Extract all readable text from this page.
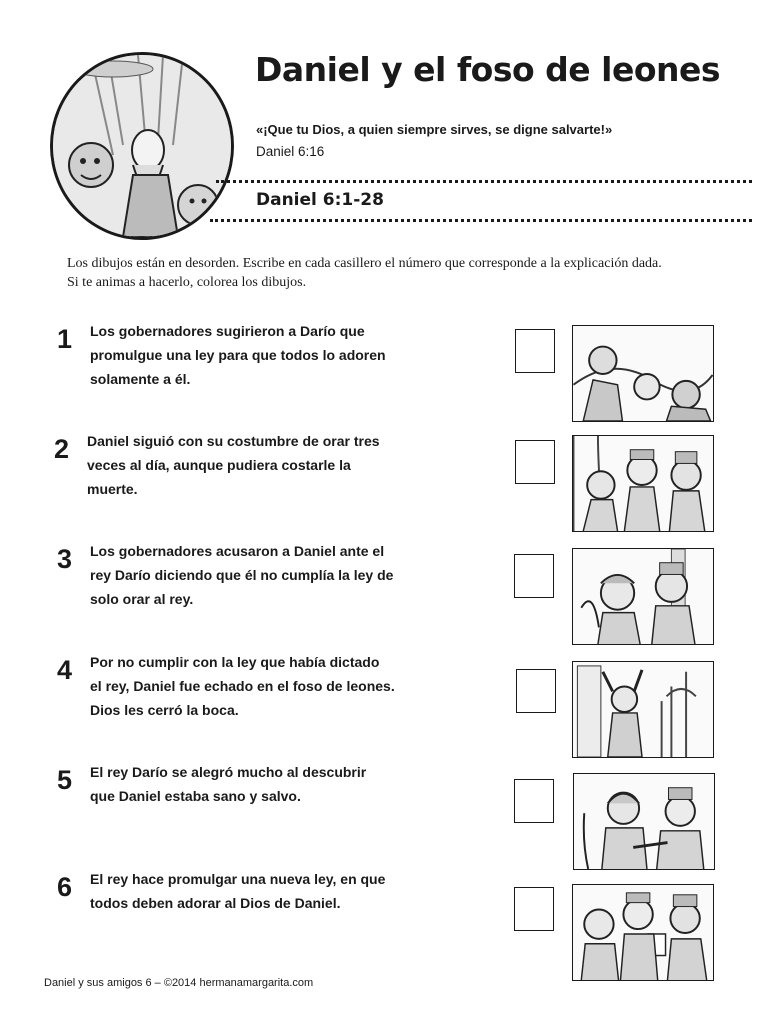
Daniel y el foso de leones
«¡Que tu Dios, a quien siempre sirves, se digne salvarte!»
Daniel 6:16
Daniel 6:1-28
Los dibujos están en desorden. Escribe en cada casillero el número que corresponde a la explicación dada.
Si te animas a hacerlo, colorea los dibujos.
1 Los gobernadores sugirieron a Darío que
promulgue una ley para que todos lo adoren
solamente a él.
2 Daniel siguió con su costumbre de orar tres
veces al día, aunque pudiera costarle la
muerte.
3 Los gobernadores acusaron a Daniel ante el
rey Darío diciendo que él no cumplía la ley de
solo orar al rey.
4 Por no cumplir con la ley que había dictado
el rey, Daniel fue echado en el foso de leones.
Dios les cerró la boca.
5 El rey Darío se alegró mucho al descubrir
que Daniel estaba sano y salvo.
6 El rey hace promulgar una nueva ley, en que
todos deben adorar al Dios de Daniel.
Daniel y sus amigos 6 – ©2014 hermanamargarita.com
